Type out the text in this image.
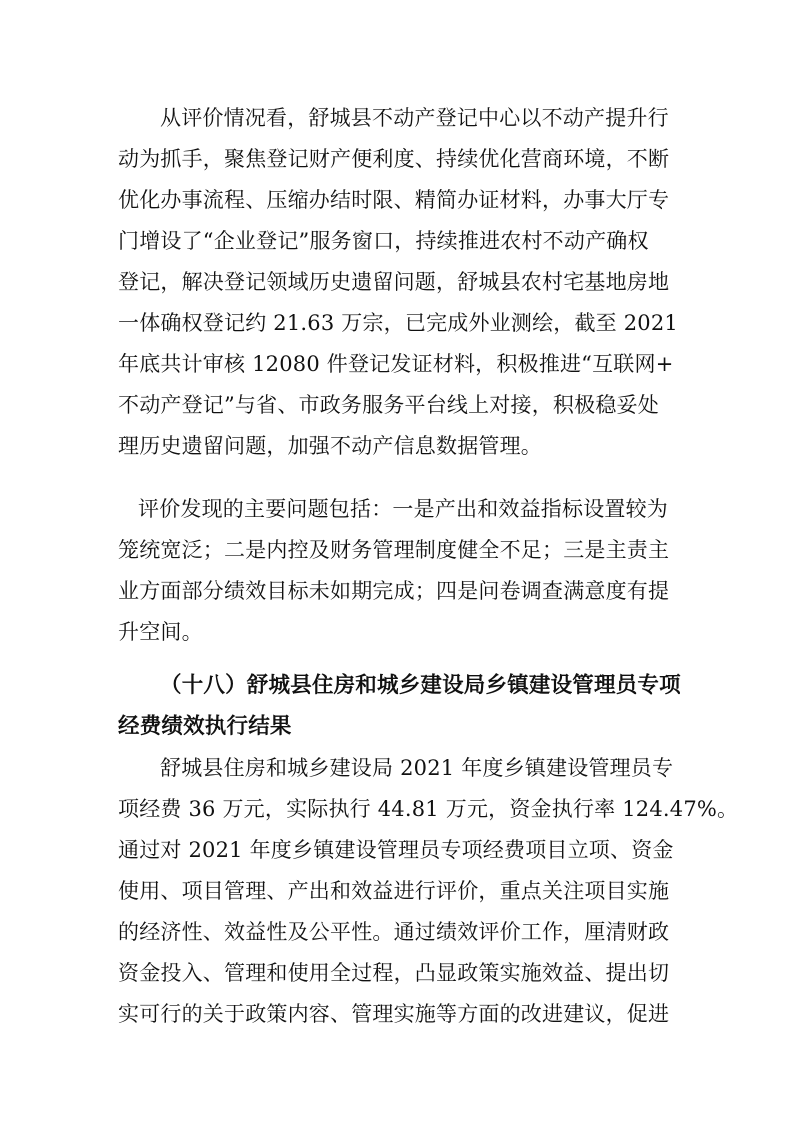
从评价情况看，舒城县不动产登记中心以不动产提升行

动为抓手，聚焦登记财产便利度、持续优化营商环境，不断

优化办事流程、压缩办结时限、精简办证材料，办事大厅专

门增设了“企业登记”服务窗口，持续推进农村不动产确权

登记，解决登记领域历史遗留问题，舒城县农村宅基地房地

一体确权登记约 21.63 万宗，已完成外业测绘，截至 2021

年底共计审核 12080 件登记发证材料，积极推进“互联网+

不动产登记”与省、市政务服务平台线上对接，积极稳妥处

理历史遗留问题，加强不动产信息数据管理。

评价发现的主要问题包括：一是产出和效益指标设置较为

笼统宽泛；二是内控及财务管理制度健全不足；三是主责主

业方面部分绩效目标未如期完成；四是问卷调查满意度有提

升空间。

（十八）舒城县住房和城乡建设局乡镇建设管理员专项

经费绩效执行结果

舒城县住房和城乡建设局 2021 年度乡镇建设管理员专

项经费 36 万元，实际执行 44.81 万元，资金执行率 124.47%。

通过对 2021 年度乡镇建设管理员专项经费项目立项、资金

使用、项目管理、产出和效益进行评价，重点关注项目实施

的经济性、效益性及公平性。通过绩效评价工作，厘清财政

资金投入、管理和使用全过程，凸显政策实施效益、提出切

实可行的关于政策内容、管理实施等方面的改进建议，促进
